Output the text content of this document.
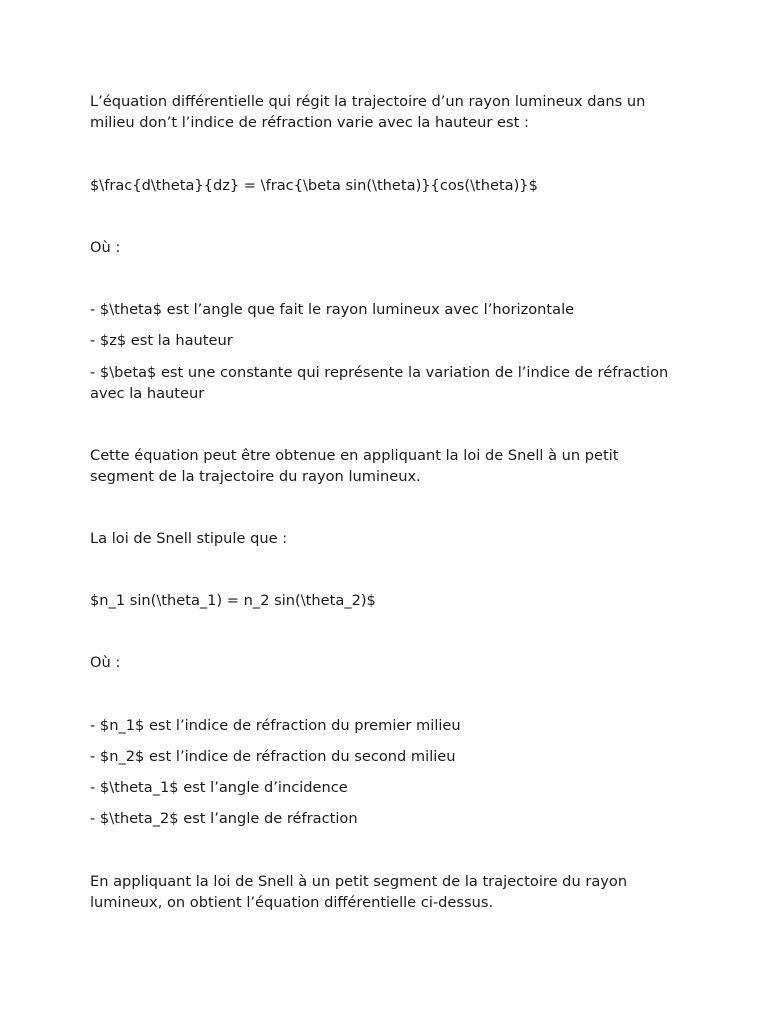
L’équation différentielle qui régit la trajectoire d’un rayon lumineux dans un milieu don’t l’indice de réfraction varie avec la hauteur est :

$\frac{d\theta}{dz} = \frac{\beta sin(\theta)}{cos(\theta)}$

Où :

- $\theta$ est l’angle que fait le rayon lumineux avec l’horizontale

- $z$ est la hauteur

- $\beta$ est une constante qui représente la variation de l’indice de réfraction avec la hauteur

Cette équation peut être obtenue en appliquant la loi de Snell à un petit segment de la trajectoire du rayon lumineux.

La loi de Snell stipule que :

$n_1 sin(\theta_1) = n_2 sin(\theta_2)$

Où :

- $n_1$ est l’indice de réfraction du premier milieu

- $n_2$ est l’indice de réfraction du second milieu

- $\theta_1$ est l’angle d’incidence

- $\theta_2$ est l’angle de réfraction

En appliquant la loi de Snell à un petit segment de la trajectoire du rayon lumineux, on obtient l’équation différentielle ci-dessus.
